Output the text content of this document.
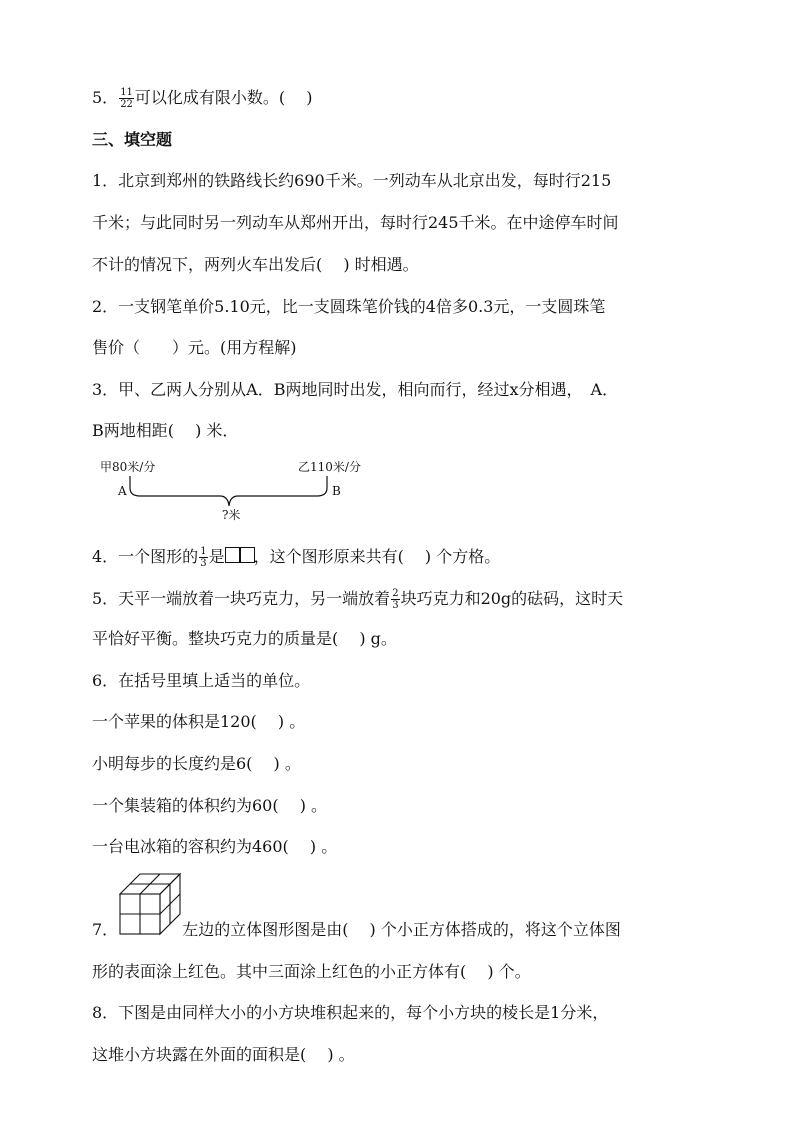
5． $\frac{11}{22}$ 可以化成有限小数。(　 )
三、填空题
1．北京到郑州的铁路线长约690千米。一列动车从北京出发，每时行215
千米；与此同时另一列动车从郑州开出，每时行245千米。在中途停车时间
不计的情况下，两列火车出发后(　 ) 时相遇。
2．一支钢笔单价5.10元，比一支圆珠笔价钱的4倍多0.3元，一支圆珠笔
售价（　　）元。(用方程解)
3．甲、乙两人分别从A．B两地同时出发，相向而行，经过x分相遇，　A．
B两地相距(　 ) 米．
甲80米/分	乙110米/分
A	B
?米
4．一个图形的 $\frac{1}{3}$ 是 ，这个图形原来共有(　 ) 个方格。
5．天平一端放着一块巧克力，另一端放着 $\frac{2}{3}$ 块巧克力和20g的砝码，这时天
平恰好平衡。整块巧克力的质量是(　 ) g。
6．在括号里填上适当的单位。
一个苹果的体积是120(　 ) 。
小明每步的长度约是6(　 ) 。
一个集装箱的体积约为60(　 ) 。
一台电冰箱的容积约为460(　 ) 。
7．	左边的立体图形图是由(　 ) 个小正方体搭成的，将这个立体图
形的表面涂上红色。其中三面涂上红色的小正方体有(　 ) 个。
8．下图是由同样大小的小方块堆积起来的，每个小方块的棱长是1分米，
这堆小方块露在外面的面积是(　 ) 。
